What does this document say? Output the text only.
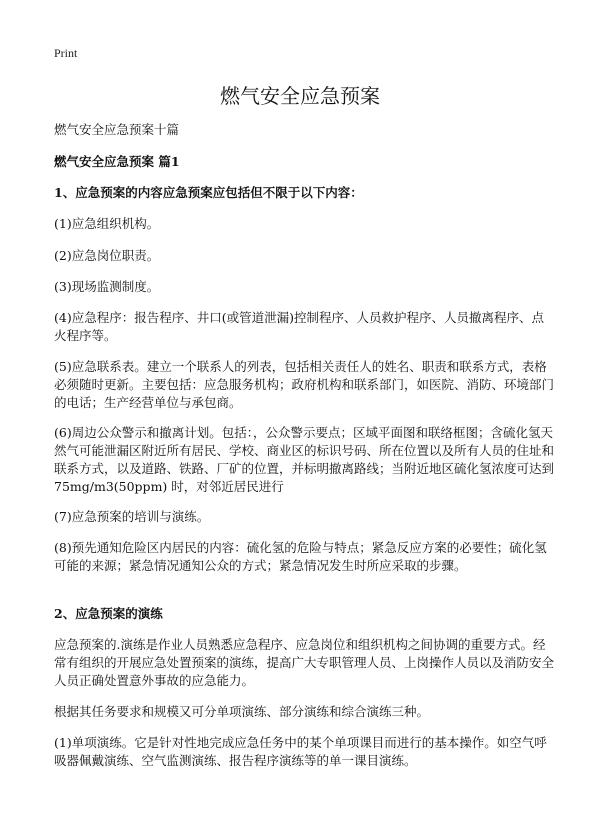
Print
燃气安全应急预案

燃气安全应急预案十篇

燃气安全应急预案 篇1

1、应急预案的内容应急预案应包括但不限于以下内容：

(1)应急组织机构。

(2)应急岗位职责。

(3)现场监测制度。

(4)应急程序：报告程序、井口(或管道泄漏)控制程序、人员救护程序、人员撤离程序、点火程序等。

(5)应急联系表。建立一个联系人的列表，包括相关责任人的姓名、职责和联系方式，表格必须随时更新。主要包括：应急服务机构；政府机构和联系部门，如医院、消防、环境部门的电话；生产经营单位与承包商。

(6)周边公众警示和撤离计划。包括：，公众警示要点；区域平面图和联络框图；含硫化氢天然气可能泄漏区附近所有居民、学校、商业区的标识号码、所在位置以及所有人员的住址和联系方式，以及道路、铁路、厂矿的位置，并标明撤离路线；当附近地区硫化氢浓度可达到75mg/m3(50ppm) 时，对邻近居民进行

(7)应急预案的培训与演练。

(8)预先通知危险区内居民的内容：硫化氢的危险与特点；紧急反应方案的必要性；硫化氢可能的来源；紧急情况通知公众的方式；紧急情况发生时所应采取的步骤。

2、应急预案的演练

应急预案的.演练是作业人员熟悉应急程序、应急岗位和组织机构之间协调的重要方式。经常有组织的开展应急处置预案的演练，提高广大专职管理人员、上岗操作人员以及消防安全人员正确处置意外事故的应急能力。

根据其任务要求和规模又可分单项演练、部分演练和综合演练三种。

(1)单项演练。它是针对性地完成应急任务中的某个单项课目而进行的基本操作。如空气呼吸器佩戴演练、空气监测演练、报告程序演练等的单一课目演练。
